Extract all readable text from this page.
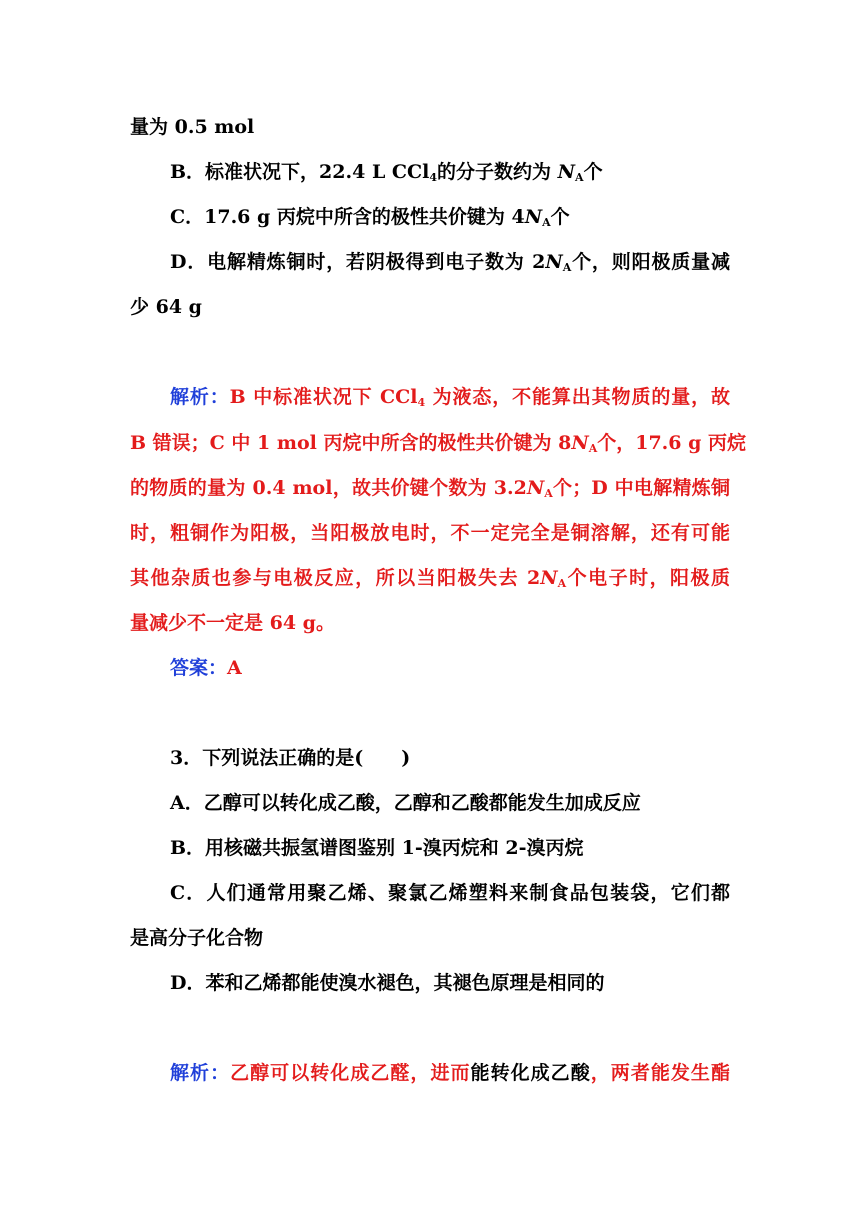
量为 0.5 mol
B．标准状况下，22.4 L CCl$_4$的分子数约为 $N_A$个
C．17.6 g 丙烷中所含的极性共价键为 $4N_A$个
D．电解精炼铜时，若阴极得到电子数为 $2N_A$个，则阳极质量减
少 64 g
解析：B 中标准状况下 CCl$_4$ 为液态，不能算出其物质的量，故
B 错误；C 中 1 mol 丙烷中所含的极性共价键为 $8N_A$个，17.6 g 丙烷
的物质的量为 0.4 mol，故共价键个数为 $3.2N_A$个；D 中电解精炼铜
时，粗铜作为阳极，当阳极放电时，不一定完全是铜溶解，还有可能
其他杂质也参与电极反应，所以当阳极失去 $2N_A$个电子时，阳极质
量减少不一定是 64 g。
答案：A
3．下列说法正确的是(　　)
A．乙醇可以转化成乙酸，乙醇和乙酸都能发生加成反应
B．用核磁共振氢谱图鉴别 1-溴丙烷和 2-溴丙烷
C．人们通常用聚乙烯、聚氯乙烯塑料来制食品包装袋，它们都
是高分子化合物
D．苯和乙烯都能使溴水褪色，其褪色原理是相同的
解析：乙醇可以转化成乙醛，进而能转化成乙酸，两者能发生酯
